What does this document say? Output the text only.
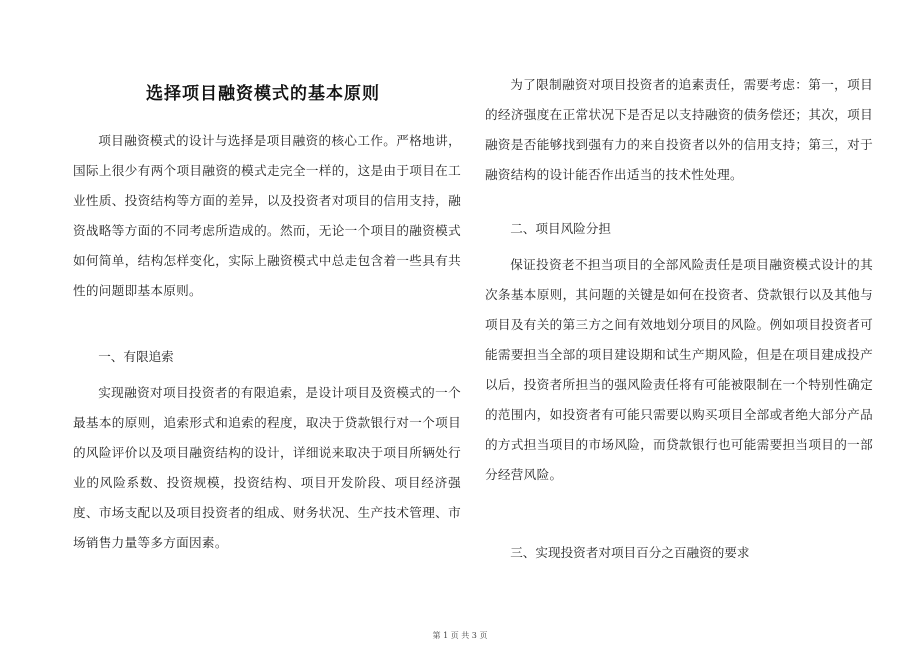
选择项目融资模式的基本原则

项目融资模式的设计与选择是项目融资的核心工作。严格地讲，国际上很少有两个项目融资的模式走完全一样的，这是由于项目在工业性质、投资结构等方面的差异，以及投资者对项目的信用支持，融资战略等方面的不同考虑所造成的。然而，无论一个项目的融资模式如何简单，结构怎样变化，实际上融资模式中总走包含着一些具有共性的问题即基本原则。

一、有限追索

实现融资对项目投资者的有限追索，是设计项目及资模式的一个最基本的原则，追索形式和追索的程度，取决于贷款银行对一个项目的风险评价以及项目融资结构的设计，详细说来取决于项目所辆处行业的风险系数、投资规模，投资结构、项目开发阶段、项目经济强度、市场支配以及项目投资者的组成、财务状况、生产技术管理、市场销售力量等多方面因素。

为了限制融资对项目投资者的追素责任，需要考虑：第一，项目的经济强度在正常状况下是否足以支持融资的债务偿还；其次，项目融资是否能够找到强有力的来自投资者以外的信用支持；第三，对于融资结构的设计能否作出适当的技术性处理。

二、项目风险分担

保证投资老不担当项目的全部风险责任是项目融资模式设计的其次条基本原则，其问题的关键是如何在投资者、贷款银行以及其他与项目及有关的第三方之间有效地划分项目的风险。例如项目投资者可能需要担当全部的项目建设期和试生产期风险，但是在项目建成投产以后，投资者所担当的强风险责任将有可能被限制在一个特别性确定的范围内，如投资者有可能只需要以购买项目全部或者绝大部分产品的方式担当项目的市场风险，而贷款银行也可能需要担当项目的一部分经营风险。

三、实现投资者对项目百分之百融资的要求

第 1 页 共 3 页
